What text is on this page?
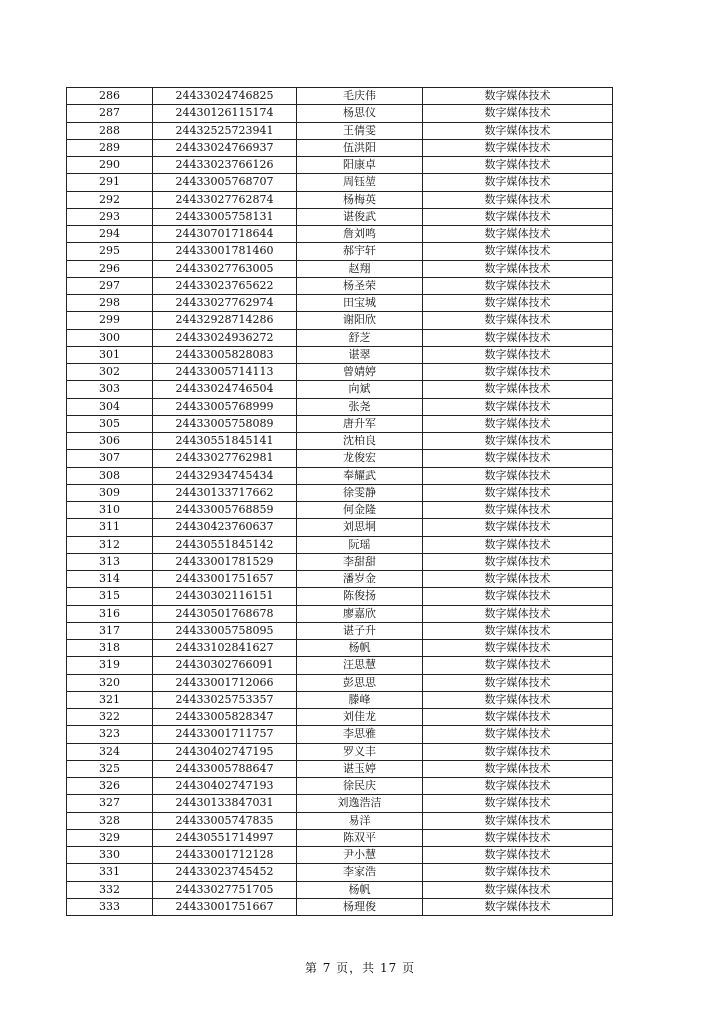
286	24433024746825	毛庆伟	数字媒体技术
287	24430126115174	杨思仪	数字媒体技术
288	24432525723941	王倩雯	数字媒体技术
289	24433024766937	伍洪阳	数字媒体技术
290	24433023766126	阳康卓	数字媒体技术
291	24433005768707	周钰堃	数字媒体技术
292	24433027762874	杨梅英	数字媒体技术
293	24433005758131	谌俊武	数字媒体技术
294	24430701718644	詹刘鸣	数字媒体技术
295	24433001781460	郝宇轩	数字媒体技术
296	24433027763005	赵翔	数字媒体技术
297	24433023765622	杨圣荣	数字媒体技术
298	24433027762974	田宝城	数字媒体技术
299	24432928714286	谢阳欣	数字媒体技术
300	24433024936272	舒芝	数字媒体技术
301	24433005828083	谌翠	数字媒体技术
302	24433005714113	曾婧婷	数字媒体技术
303	24433024746504	向斌	数字媒体技术
304	24433005768999	张尧	数字媒体技术
305	24433005758089	唐升军	数字媒体技术
306	24430551845141	沈柏良	数字媒体技术
307	24433027762981	龙俊宏	数字媒体技术
308	24432934745434	奉耀武	数字媒体技术
309	24430133717662	徐雯静	数字媒体技术
310	24433005768859	何金隆	数字媒体技术
311	24430423760637	刘思垌	数字媒体技术
312	24430551845142	阮瑶	数字媒体技术
313	24433001781529	李甜甜	数字媒体技术
314	24433001751657	潘岁金	数字媒体技术
315	24430302116151	陈俊扬	数字媒体技术
316	24430501768678	廖嘉欣	数字媒体技术
317	24433005758095	谌子升	数字媒体技术
318	24433102841627	杨帆	数字媒体技术
319	24430302766091	汪思慧	数字媒体技术
320	24433001712066	彭思思	数字媒体技术
321	24433025753357	滕峰	数字媒体技术
322	24433005828347	刘佳龙	数字媒体技术
323	24433001711757	李思雅	数字媒体技术
324	24430402747195	罗义丰	数字媒体技术
325	24433005788647	谌玉婷	数字媒体技术
326	24430402747193	徐民庆	数字媒体技术
327	24430133847031	刘逸浩洁	数字媒体技术
328	24433005747835	易洋	数字媒体技术
329	24430551714997	陈双平	数字媒体技术
330	24433001712128	尹小慧	数字媒体技术
331	24433023745452	李家浩	数字媒体技术
332	24433027751705	杨帆	数字媒体技术
333	24433001751667	杨理俊	数字媒体技术
第 7 页，共 17 页
